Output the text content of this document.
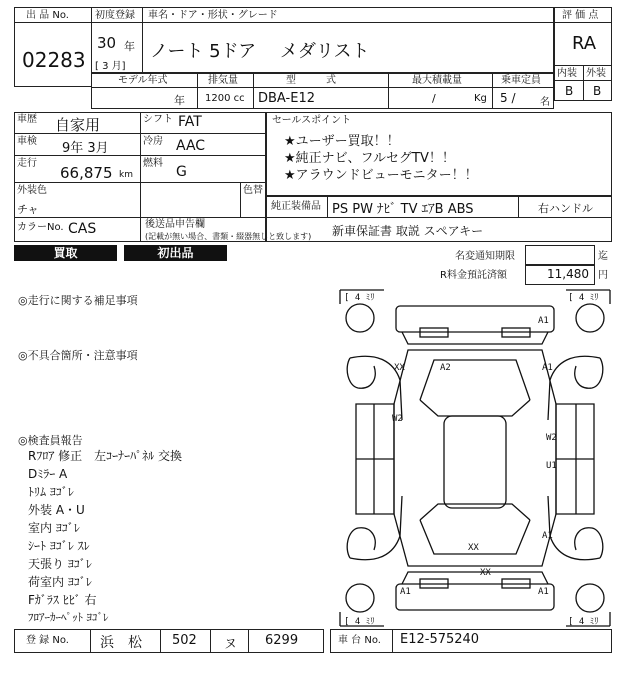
出 品 No.
02283
初度登録
30 年
[ 3 月]
車名・ドア・形状・グレード
ノート 5ドア　 メダリスト
評 価 点
RA
内装 外装
B B
モデル年式	排気量	型　　　式	最大積載量	乗車定員
年 1200 cc DBA-E12	/	Kg 5 / 名
車歴 自家用	シフト FAT
車検 9年 3月	冷房 AAC
走行
66,875 km
燃料
G
外装色
チャ
色替
カラーNo. CAS	後送品申告欄
(記載が無い場合、書類・綴器無しと致します)
セールスポイント
★ユーザー買取！！
★純正ナビ、フルセグTV！！
★アラウンドビューモニター！！
純正装備品 PS PW ﾅﾋﾞ TV ｴｱB ABS	右ハンドル
新車保証書 取説 スペアキー
買取	初出品	名変通知期限	迄
R料金預託済額	11,480 円
◎走行に関する補足事項
◎不具合箇所・注意事項
◎検査員報告
Rﾌﾛｱ 修正　左ｺｰﾅｰﾊﾟﾈﾙ 交換
Dﾐﾗｰ A
ﾄﾘﾑ ﾖｺﾞﾚ
外装 A・U
室内 ﾖｺﾞﾚ
ｼｰﾄ ﾖｺﾞﾚ ｽﾚ
天張り ﾖｺﾞﾚ
荷室内 ﾖｺﾞﾚ
Fｶﾞﾗｽ ﾋﾋﾞ 右
ﾌﾛｱｰｶｰﾍﾟｯﾄ ﾖｺﾞﾚ
[ 4 ﾐﾘ	[ 4 ﾐﾘ
[ 4 ﾐﾘ	[ 4 ﾐﾘ
A1
XX	A2	A1
W2
W2
U1
A1
XX
XX
A1	A1
登 録 No. 浜　松 502 ヌ 6299	車 台 No. E12-575240
